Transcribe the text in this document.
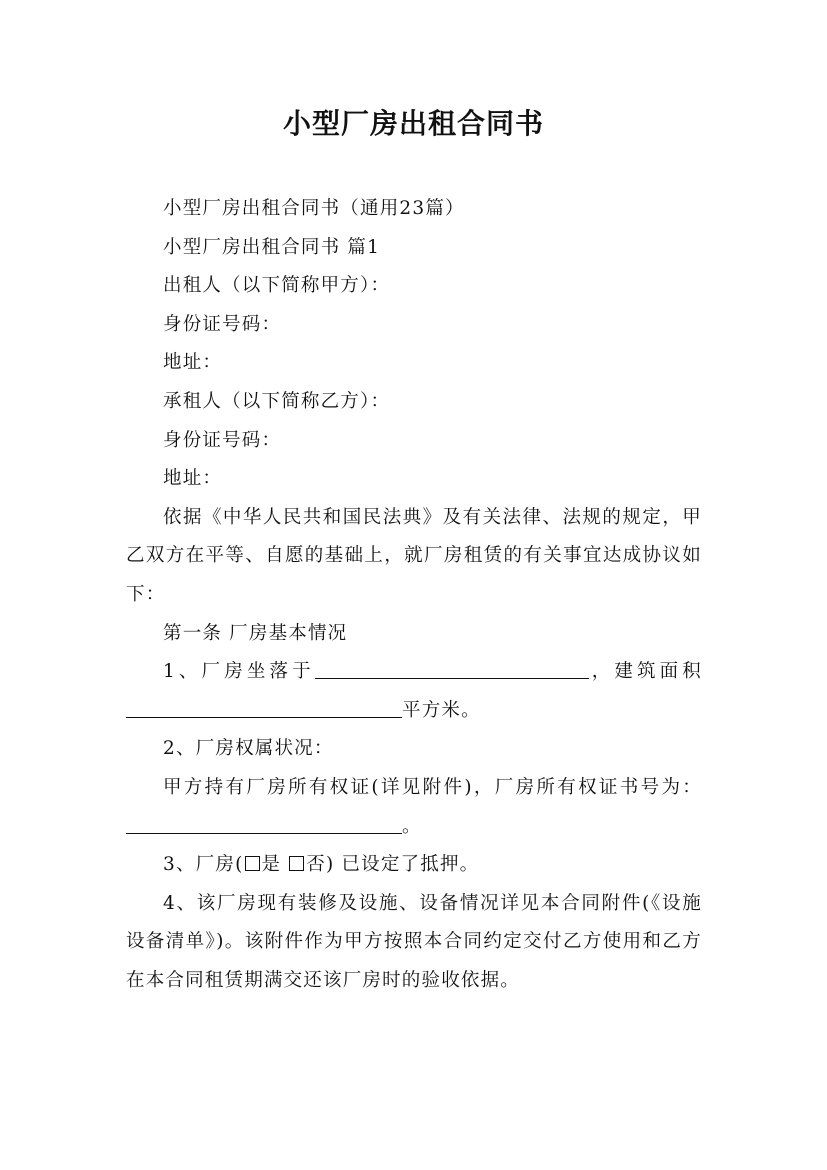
小型厂房出租合同书

小型厂房出租合同书（通用23篇）

小型厂房出租合同书 篇1

出租人（以下简称甲方）：

身份证号码：

地址：

承租人（以下简称乙方）：

身份证号码：

地址：

依据《中华人民共和国民法典》及有关法律、法规的规定，甲乙双方在平等、自愿的基础上，就厂房租赁的有关事宜达成协议如下：

第一条 厂房基本情况

1、厂房坐落于	，建筑面积平方米。

2、厂房权属状况：

甲方持有厂房所有权证(详见附件)，厂房所有权证书号为：。

3、厂房( 是 否) 已设定了抵押。

4、该厂房现有装修及设施、设备情况详见本合同附件(《设施设备清单》)。该附件作为甲方按照本合同约定交付乙方使用和乙方在本合同租赁期满交还该厂房时的验收依据。
